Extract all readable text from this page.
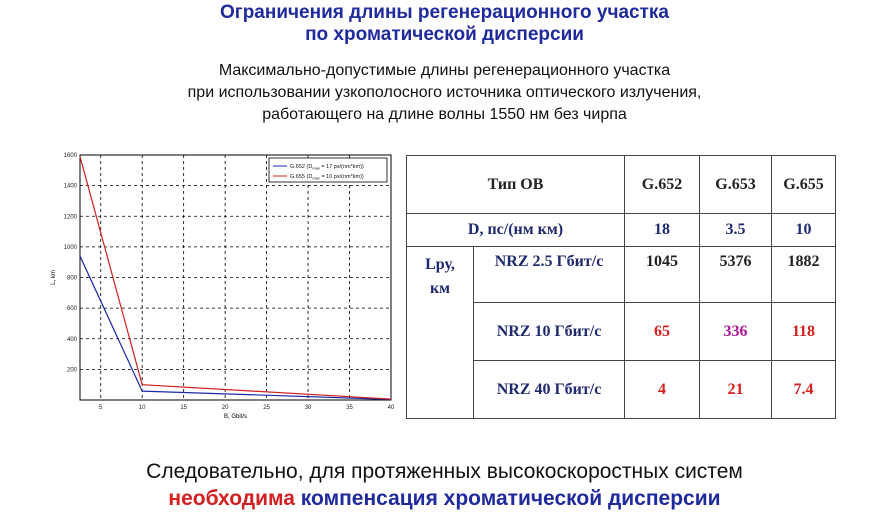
Ограничения длины регенерационного участка
по хроматической дисперсии
Максимально-допустимые длины регенерационного участка
при использовании узкополосного источника оптического излучения,
работающего на длине волны 1550 нм без чирпа
5	10	15	20	25	30	35	40
200
400
600
800
1000
1200
1400
1600
B, Gbit/s
L, km
G.652 ($D_{max} = 17$ ps/(nm*km))
G.655 ($D_{max} = 10$ ps/(nm*km))	Тип ОВ		G.652	G.653	G.655
D, пс/(нм км)		18	3.5	10

Lру,
км	NRZ 2.5 Гбит/с	1045	5376	1882
	NRZ 10 Гбит/с	65	336	118
	NRZ 40 Гбит/с	4	21	7.4
Следовательно, для протяженных высокоскоростных систем
необходима компенсация хроматической дисперсии
